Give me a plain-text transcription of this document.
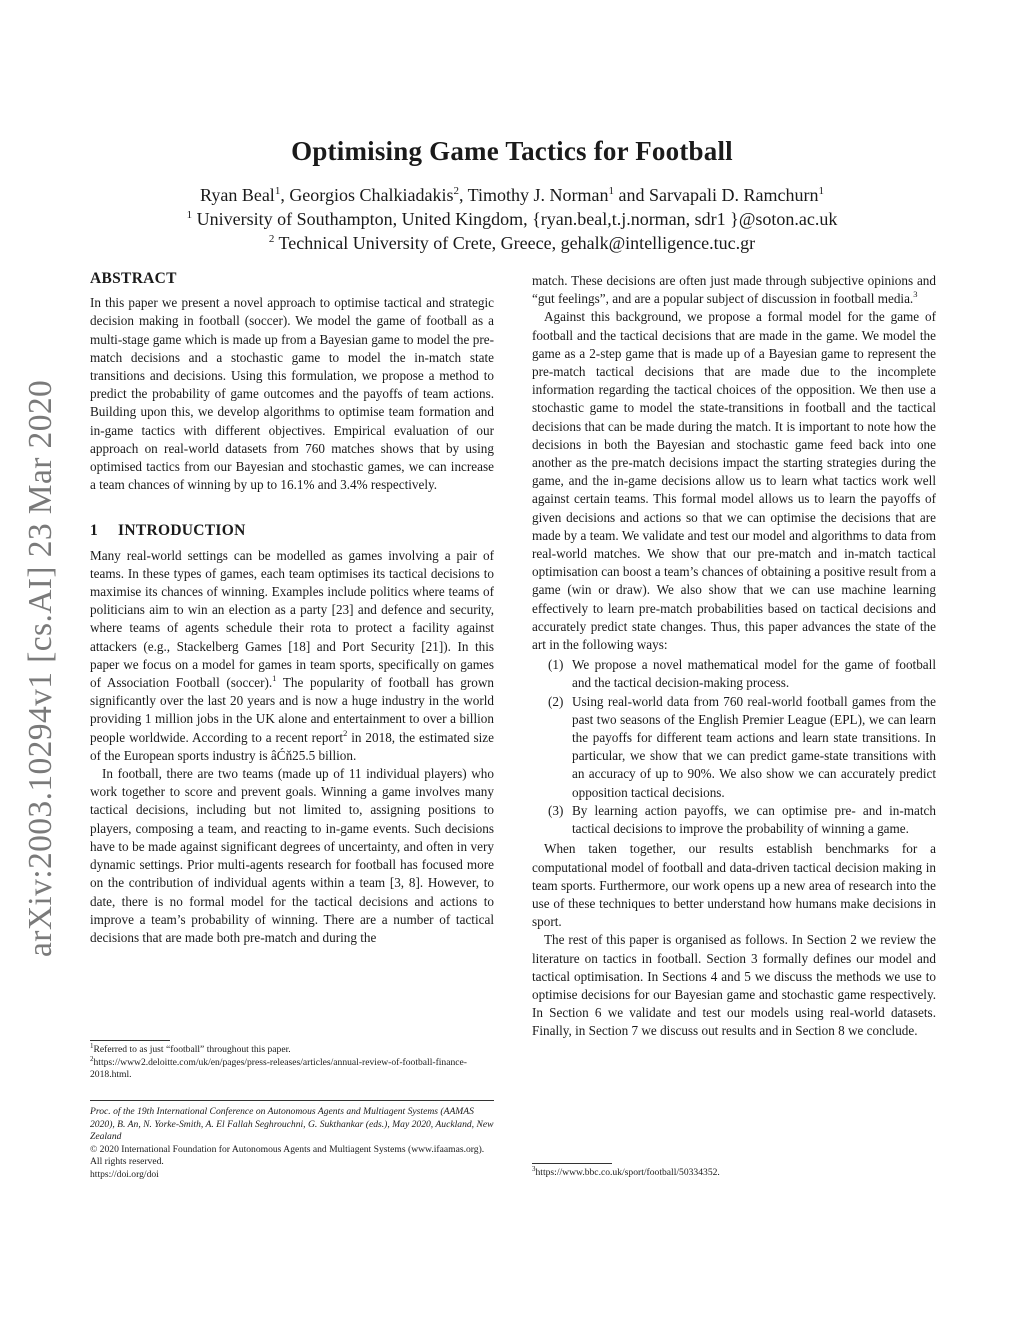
arXiv:2003.10294v1 [cs.AI] 23 Mar 2020
Optimising Game Tactics for Football
Ryan Beal$^1$, Georgios Chalkiadakis$^2$, Timothy J. Norman$^1$ and Sarvapali D. Ramchurn$^1$
$^1$ University of Southampton, United Kingdom, {ryan.beal,t.j.norman, sdr1 }@soton.ac.uk
$^2$ Technical University of Crete, Greece, gehalk@intelligence.tuc.gr
ABSTRACT

In this paper we present a novel approach to optimise tactical and strategic decision making in football (soccer). We model the game of football as a multi-stage game which is made up from a Bayesian game to model the pre-match decisions and a stochastic game to model the in-match state transitions and decisions. Using this formulation, we propose a method to predict the probability of game outcomes and the payoffs of team actions. Building upon this, we develop algorithms to optimise team formation and in-game tactics with different objectives. Empirical evaluation of our approach on real-world datasets from 760 matches shows that by using optimised tactics from our Bayesian and stochastic games, we can increase a team chances of winning by up to 16.1% and 3.4% respectively.

1 INTRODUCTION

Many real-world settings can be modelled as games involving a pair of teams. In these types of games, each team optimises its tactical decisions to maximise its chances of winning. Examples include politics where teams of politicians aim to win an election as a party [23] and defence and security, where teams of agents schedule their rota to protect a facility against attackers (e.g., Stackelberg Games [18] and Port Security [21]). In this paper we focus on a model for games in team sports, specifically on games of Association Football (soccer).$^1$ The popularity of football has grown significantly over the last 20 years and is now a huge industry in the world providing 1 million jobs in the UK alone and entertainment to over a billion people worldwide. According to a recent report$^2$ in 2018, the estimated size of the European sports industry is âĆň25.5 billion.

In football, there are two teams (made up of 11 individual players) who work together to score and prevent goals. Winning a game involves many tactical decisions, including but not limited to, assigning positions to players, composing a team, and reacting to in-game events. Such decisions have to be made against significant degrees of uncertainty, and often in very dynamic settings. Prior multi-agents research for football has focused more on the contribution of individual agents within a team [3, 8]. However, to date, there is no formal model for the tactical decisions and actions to improve a team’s probability of winning. There are a number of tactical decisions that are made both pre-match and during the

$^1$Referred to as just “football” throughout this paper.
$^2$https://www2.deloitte.com/uk/en/pages/press-releases/articles/annual-review-of-football-finance-2018.html.
Proc. of the 19th International Conference on Autonomous Agents and Multiagent Systems (AAMAS 2020), B. An, N. Yorke-Smith, A. El Fallah Seghrouchni, G. Sukthankar (eds.), May 2020, Auckland, New Zealand
© 2020 International Foundation for Autonomous Agents and Multiagent Systems (www.ifaamas.org). All rights reserved.
https://doi.org/doi

match. These decisions are often just made through subjective opinions and “gut feelings”, and are a popular subject of discussion in football media.$^3$

Against this background, we propose a formal model for the game of football and the tactical decisions that are made in the game. We model the game as a 2-step game that is made up of a Bayesian game to represent the pre-match tactical decisions that are made due to the incomplete information regarding the tactical choices of the opposition. We then use a stochastic game to model the state-transitions in football and the tactical decisions that can be made during the match. It is important to note how the decisions in both the Bayesian and stochastic game feed back into one another as the pre-match decisions impact the starting strategies during the game, and the in-game decisions allow us to learn what tactics work well against certain teams. This formal model allows us to learn the payoffs of given decisions and actions so that we can optimise the decisions that are made by a team. We validate and test our model and algorithms to data from real-world matches. We show that our pre-match and in-match tactical optimisation can boost a team’s chances of obtaining a positive result from a game (win or draw). We also show that we can use machine learning effectively to learn pre-match probabilities based on tactical decisions and accurately predict state changes. Thus, this paper advances the state of the art in the following ways:

(1) We propose a novel mathematical model for the game of football and the tactical decision-making process.
(2) Using real-world data from 760 real-world football games from the past two seasons of the English Premier League (EPL), we can learn the payoffs for different team actions and learn state transitions. In particular, we show that we can predict game-state transitions with an accuracy of up to 90%. We also show we can accurately predict opposition tactical decisions.
(3) By learning action payoffs, we can optimise pre- and in-match tactical decisions to improve the probability of winning a game.

When taken together, our results establish benchmarks for a computational model of football and data-driven tactical decision making in team sports. Furthermore, our work opens up a new area of research into the use of these techniques to better understand how humans make decisions in sport.

The rest of this paper is organised as follows. In Section 2 we review the literature on tactics in football. Section 3 formally defines our model and tactical optimisation. In Sections 4 and 5 we discuss the methods we use to optimise decisions for our Bayesian game and stochastic game respectively. In Section 6 we validate and test our models using real-world datasets. Finally, in Section 7 we discuss out results and in Section 8 we conclude.

$^3$https://www.bbc.co.uk/sport/football/50334352.
